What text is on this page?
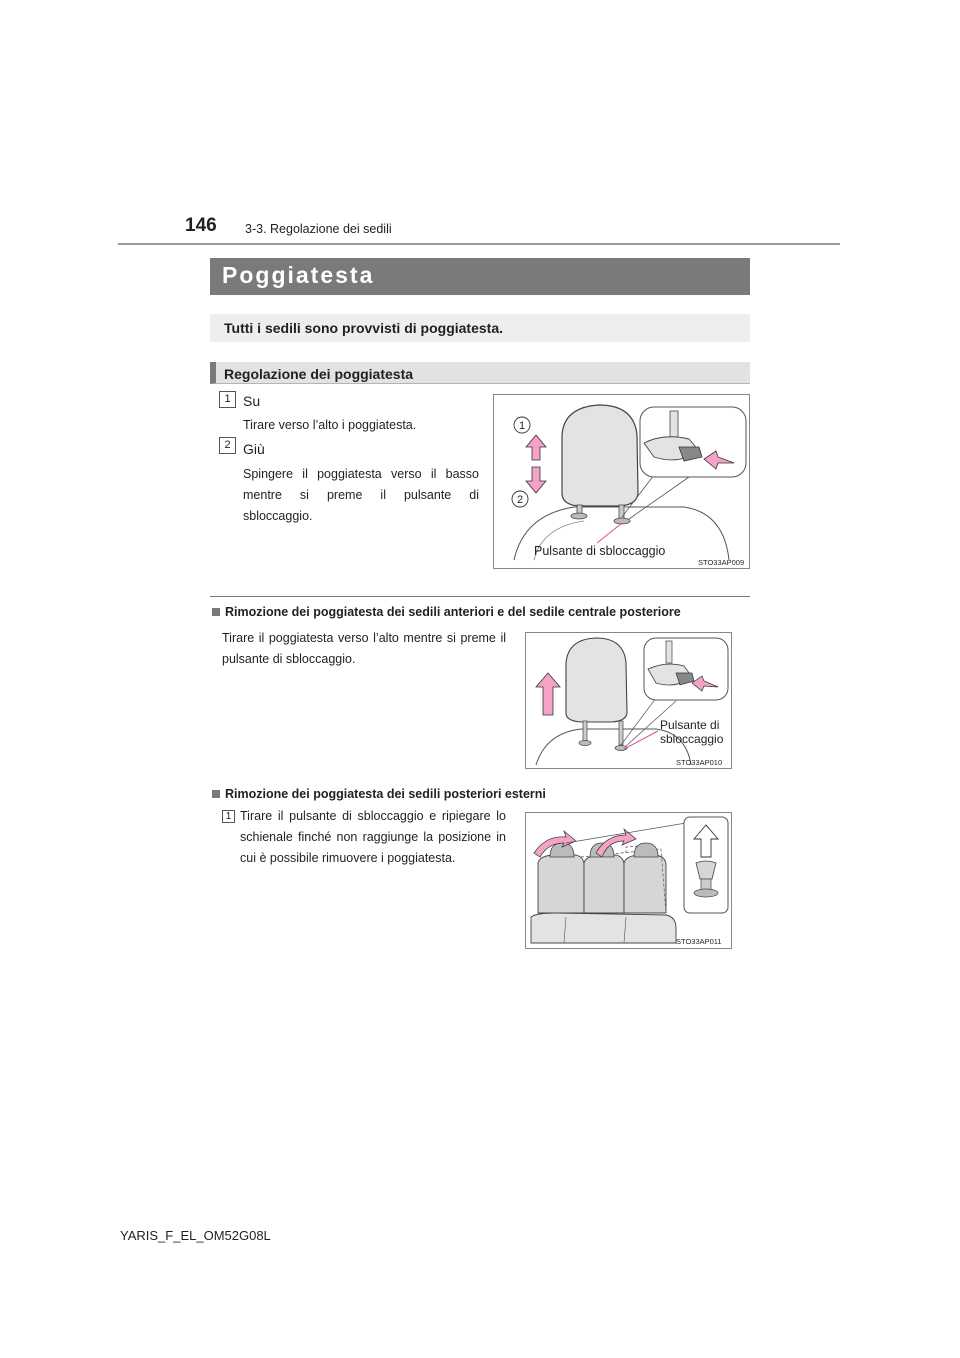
146 3-3. Regolazione dei sedili
Poggiatesta
Tutti i sedili sono provvisti di poggiatesta.
Regolazione dei poggiatesta
1 Su
Tirare verso l’alto i poggiatesta.
2 Giù
Spingere il poggiatesta verso il basso mentre si preme il pulsante di sbloccaggio.
1
2
Pulsante di sbloccaggio
STO33AP009
Rimozione dei poggiatesta dei sedili anteriori e del sedile centrale posteriore
Tirare il poggiatesta verso l’alto mentre si preme il pulsante di sbloccaggio.
Pulsante di
sbloccaggio
STO33AP010
Rimozione dei poggiatesta dei sedili posteriori esterni
1 Tirare il pulsante di sbloccaggio e ripiegare lo schienale finché non raggiunge la posizione in cui è possibile rimuovere i poggiatesta.
STO33AP011
YARIS_F_EL_OM52G08L
